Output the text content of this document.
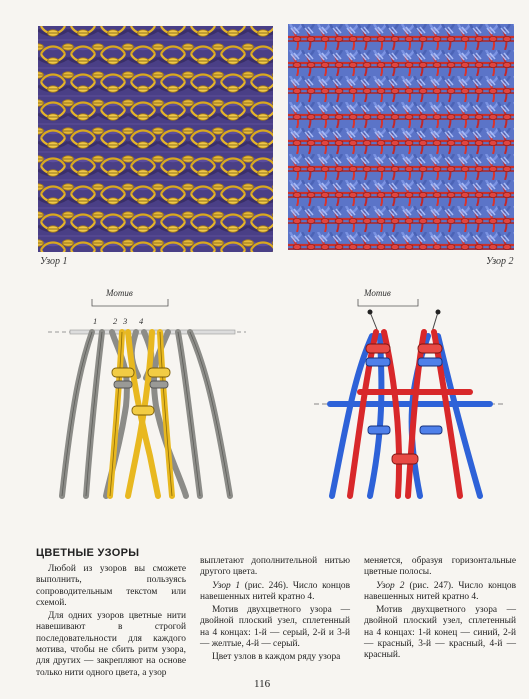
Узор 1	Узор 2
Мотив
1 2 3 4
Мотив
ЦВЕТНЫЕ УЗОРЫ

Любой из узоров вы сможете выполнить, пользуясь сопроводительным текстом или схемой.

Для одних узоров цветные нити навешивают в строгой последовательности для каждого мотива, чтобы не сбить ритм узора, для других — закрепляют на основе только нити одного цвета, а узор

выплетают дополнительной нитью другого цвета.

Узор 1 (рис. 246). Число концов навешенных нитей кратно 4.

Мотив двухцветного узора — двойной плоский узел, сплетенный на 4 концах: 1-й — серый, 2-й и 3-й — желтые, 4-й — серый.

Цвет узлов в каждом ряду узора

меняется, образуя горизонтальные цветные полосы.

Узор 2 (рис. 247). Число концов навешенных нитей кратно 4.

Мотив двухцветного узора — двойной плоский узел, сплетенный на 4 концах: 1-й конец — синий, 2-й — красный, 3-й — красный, 4-й — красный.

116
